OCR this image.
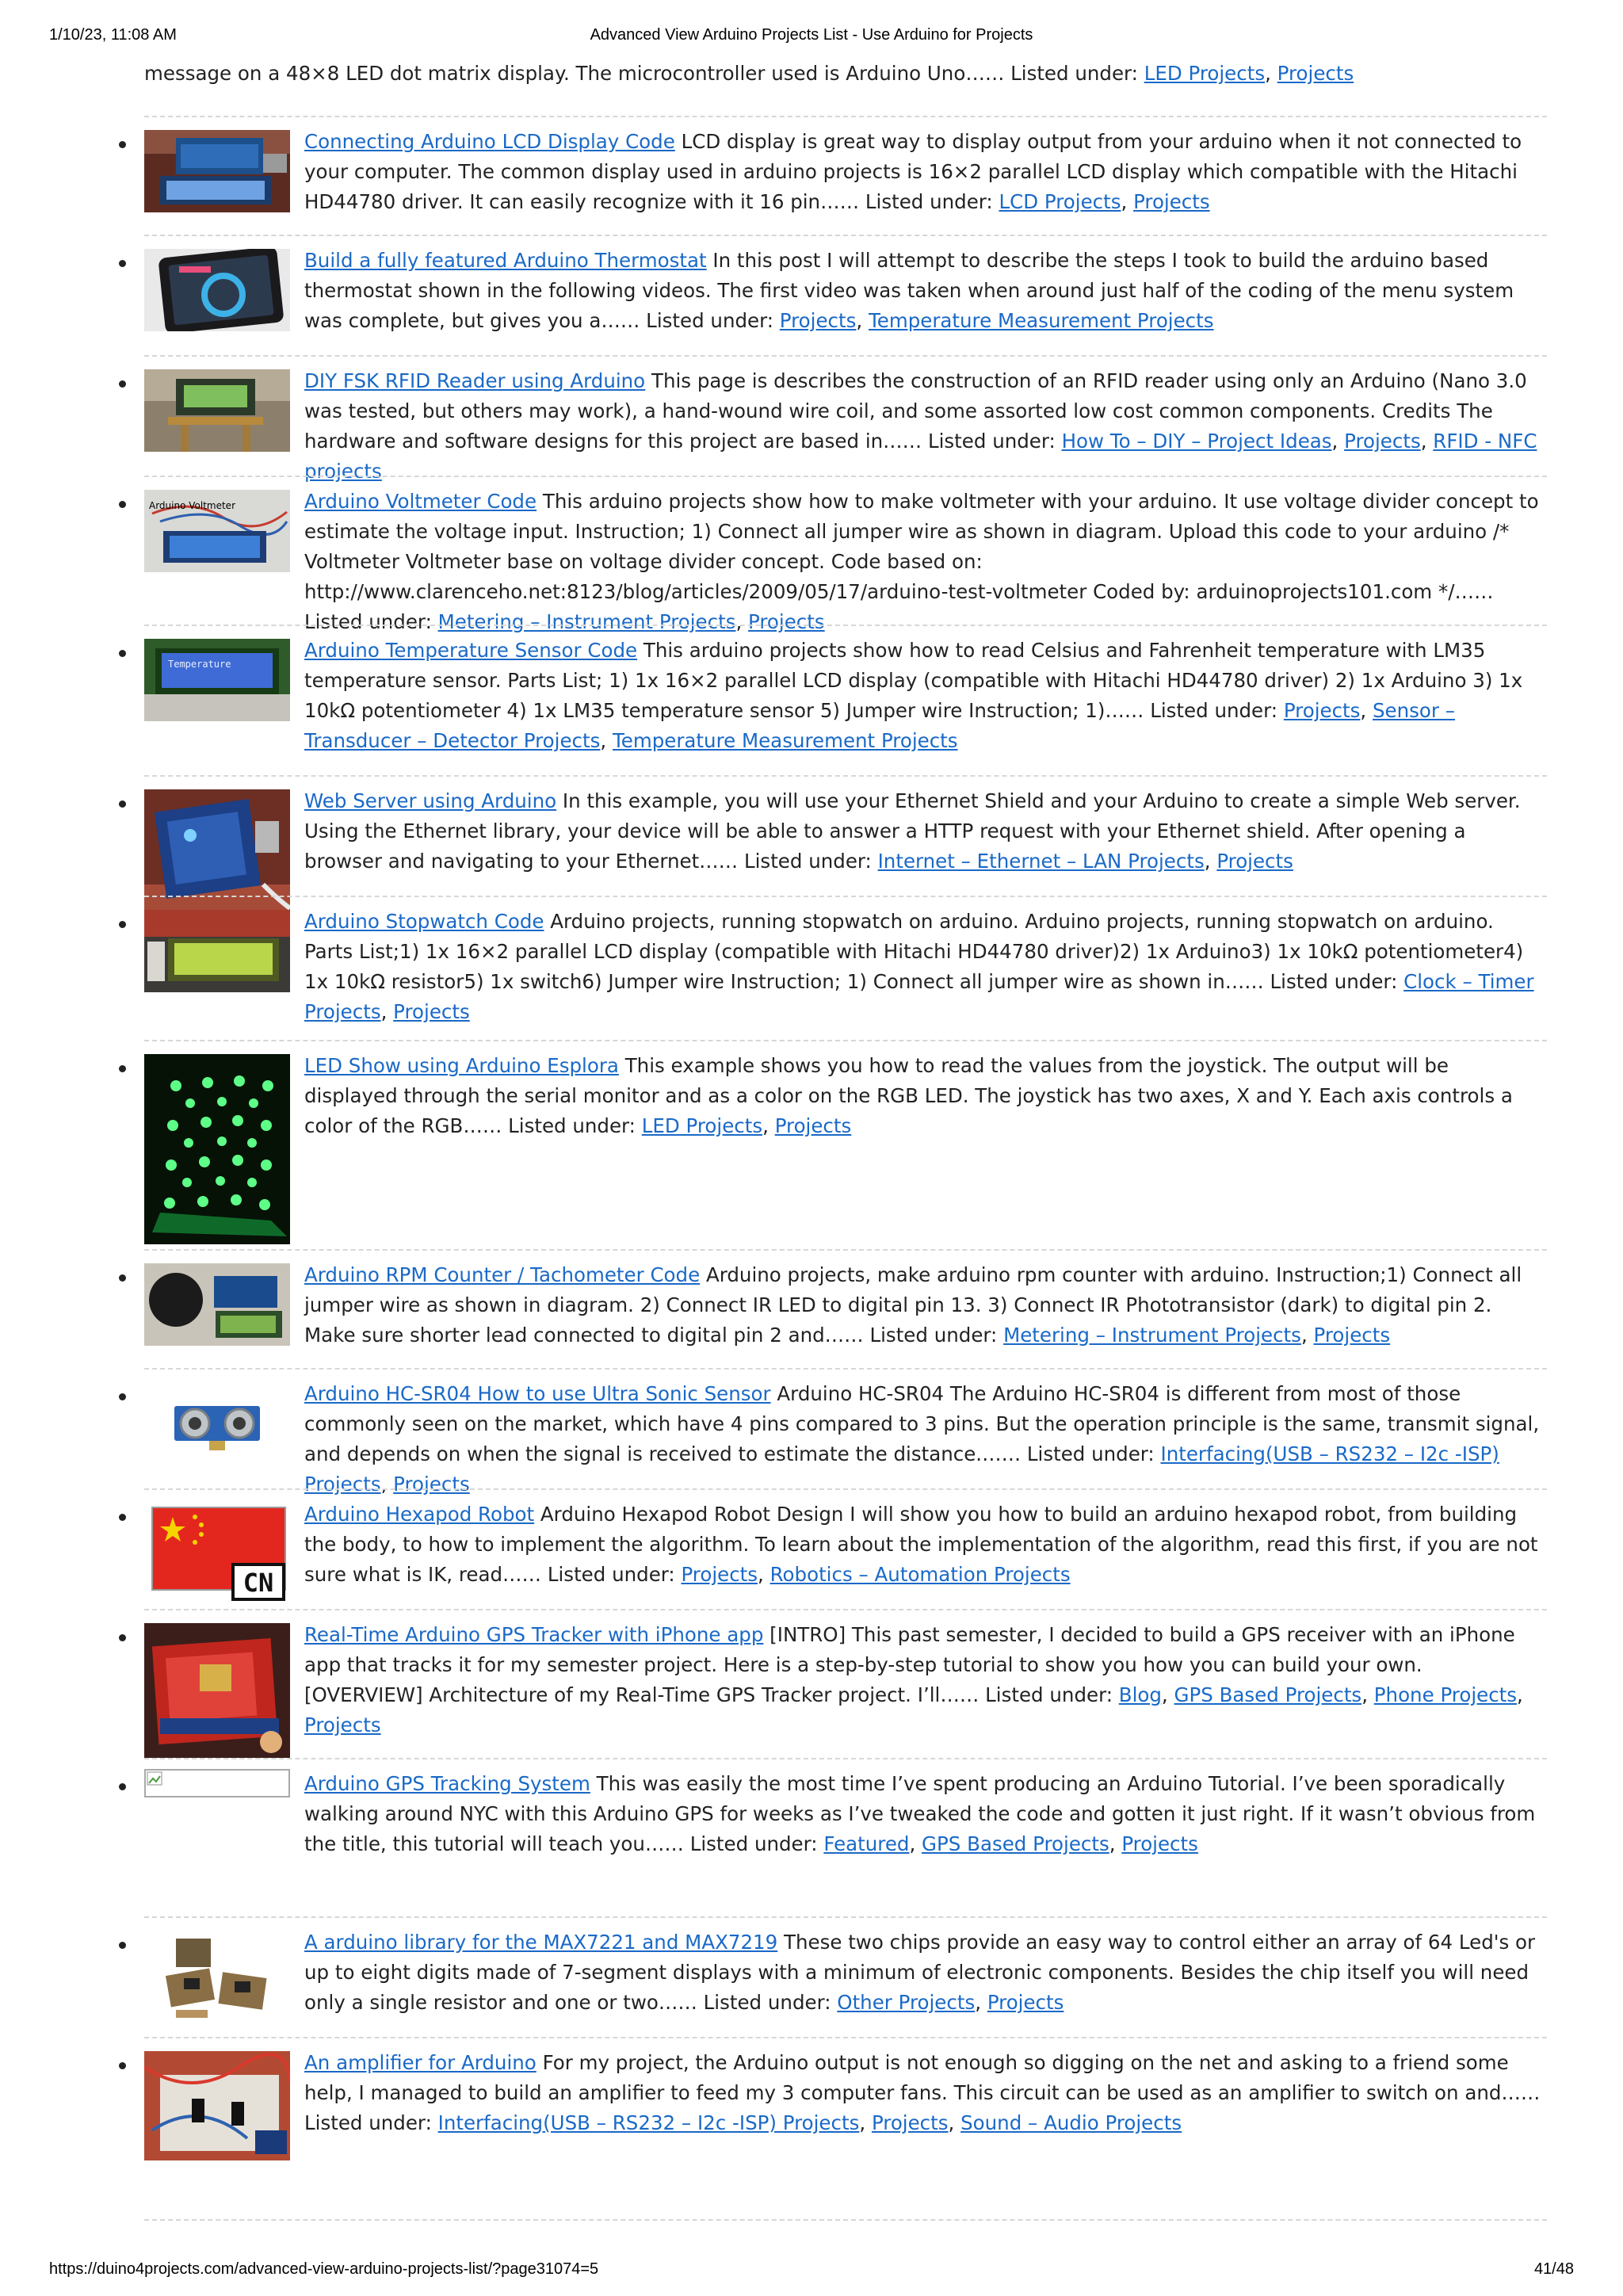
1/10/23, 11:08 AM	Advanced View Arduino Projects List - Use Arduino for Projects
message on a 48×8 LED dot matrix display. The microcontroller used is Arduino Uno…… Listed under: LED Projects, Projects
Connecting Arduino LCD Display Code LCD display is great way to display output from your arduino when it not connected to your computer. The common display used in arduino projects is 16×2 parallel LCD display which compatible with the Hitachi HD44780 driver. It can easily recognize with it 16 pin…… Listed under: LCD Projects, Projects
Build a fully featured Arduino Thermostat In this post I will attempt to describe the steps I took to build the arduino based thermostat shown in the following videos. The first video was taken when around just half of the coding of the menu system was complete, but gives you a…… Listed under: Projects, Temperature Measurement Projects
DIY FSK RFID Reader using Arduino This page is describes the construction of an RFID reader using only an Arduino (Nano 3.0 was tested, but others may work), a hand-wound wire coil, and some assorted low cost common components. Credits The hardware and software designs for this project are based in…… Listed under: How To – DIY – Project Ideas, Projects, RFID - NFC projects
Arduino Voltmeter	Arduino Voltmeter Code This arduino projects show how to make voltmeter with your arduino. It use voltage divider concept to estimate the voltage input. Instruction; 1) Connect all jumper wire as shown in diagram. Upload this code to your arduino /* Voltmeter Voltmeter base on voltage divider concept. Code based on: http://www.clarenceho.net:8123/blog/articles/2009/05/17/arduino-test-voltmeter Coded by: arduinoprojects101.com */…… Listed under: Metering – Instrument Projects, Projects
Temperature
Arduino Temperature Sensor Code This arduino projects show how to read Celsius and Fahrenheit temperature with LM35 temperature sensor. Parts List; 1) 1x 16×2 parallel LCD display (compatible with Hitachi HD44780 driver) 2) 1x Arduino 3) 1x 10kΩ potentiometer 4) 1x LM35 temperature sensor 5) Jumper wire Instruction; 1)…… Listed under: Projects, Sensor – Transducer – Detector Projects, Temperature Measurement Projects
Web Server using Arduino In this example, you will use your Ethernet Shield and your Arduino to create a simple Web server. Using the Ethernet library, your device will be able to answer a HTTP request with your Ethernet shield. After opening a browser and navigating to your Ethernet…… Listed under: Internet – Ethernet – LAN Projects, Projects
Arduino Stopwatch Code Arduino projects, running stopwatch on arduino. Arduino projects, running stopwatch on arduino. Parts List;1) 1x 16×2 parallel LCD display (compatible with Hitachi HD44780 driver)2) 1x Arduino3) 1x 10kΩ potentiometer4) 1x 10kΩ resistor5) 1x switch6) Jumper wire Instruction; 1) Connect all jumper wire as shown in…… Listed under: Clock – Timer Projects, Projects
LED Show using Arduino Esplora This example shows you how to read the values from the joystick. The output will be displayed through the serial monitor and as a color on the RGB LED. The joystick has two axes, X and Y. Each axis controls a color of the RGB…… Listed under: LED Projects, Projects
Arduino RPM Counter / Tachometer Code Arduino projects, make arduino rpm counter with arduino. Instruction;1) Connect all jumper wire as shown in diagram. 2) Connect IR LED to digital pin 13. 3) Connect IR Phototransistor (dark) to digital pin 2. Make sure shorter lead connected to digital pin 2 and…… Listed under: Metering – Instrument Projects, Projects
Arduino HC-SR04 How to use Ultra Sonic Sensor Arduino HC-SR04 The Arduino HC-SR04 is different from most of those commonly seen on the market, which have 4 pins compared to 3 pins. But the operation principle is the same, transmit signal, and depends on when the signal is received to estimate the distance.…… Listed under: Interfacing(USB – RS232 – I2c -ISP) Projects, Projects
CN
Arduino Hexapod Robot Arduino Hexapod Robot Design I will show you how to build an arduino hexapod robot, from building the body, to how to implement the algorithm. To learn about the implementation of the algorithm, read this first, if you are not sure what is IK, read…… Listed under: Projects, Robotics – Automation Projects
Real-Time Arduino GPS Tracker with iPhone app [INTRO] This past semester, I decided to build a GPS receiver with an iPhone app that tracks it for my semester project. Here is a step-by-step tutorial to show you how you can build your own. [OVERVIEW] Architecture of my Real-Time GPS Tracker project. I’ll…… Listed under: Blog, GPS Based Projects, Phone Projects, Projects
Arduino GPS Tracking System This was easily the most time I’ve spent producing an Arduino Tutorial. I’ve been sporadically walking around NYC with this Arduino GPS for weeks as I’ve tweaked the code and gotten it just right. If it wasn’t obvious from the title, this tutorial will teach you…… Listed under: Featured, GPS Based Projects, Projects
A arduino library for the MAX7221 and MAX7219 These two chips provide an easy way to control either an array of 64 Led's or up to eight digits made of 7-segment displays with a minimum of electronic components. Besides the chip itself you will need only a single resistor and one or two…… Listed under: Other Projects, Projects
An amplifier for Arduino For my project, the Arduino output is not enough so digging on the net and asking to a friend some help, I managed to build an amplifier to feed my 3 computer fans. This circuit can be used as an amplifier to switch on and…… Listed under: Interfacing(USB – RS232 – I2c -ISP) Projects, Projects, Sound – Audio Projects
https://duino4projects.com/advanced-view-arduino-projects-list/?page31074=5	41/48
